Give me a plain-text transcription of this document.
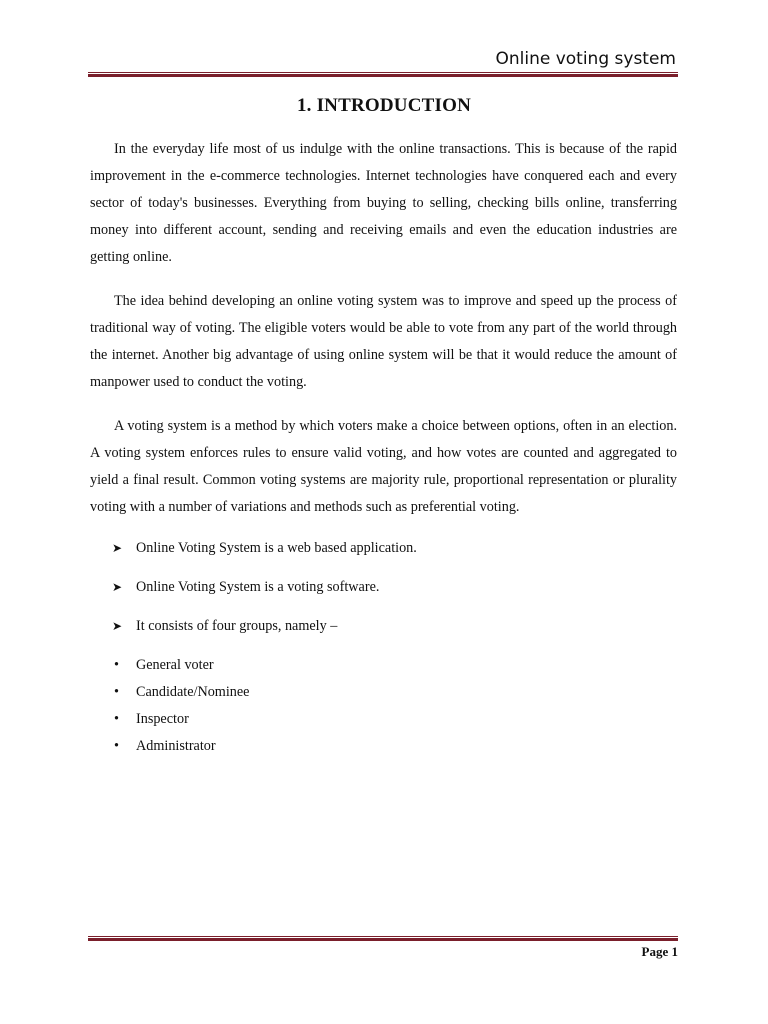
Online voting system
1. INTRODUCTION

In the everyday life most of us indulge with the online transactions. This is because of the rapid improvement in the e-commerce technologies. Internet technologies have conquered each and every sector of today's businesses. Everything from buying to selling, checking bills online, transferring money into different account, sending and receiving emails and even the education industries are getting online.

The idea behind developing an online voting system was to improve and speed up the process of traditional way of voting. The eligible voters would be able to vote from any part of the world through the internet. Another big advantage of using online system will be that it would reduce the amount of manpower used to conduct the voting.

A voting system is a method by which voters make a choice between options, often in an election. A voting system enforces rules to ensure valid voting, and how votes are counted and aggregated to yield a final result. Common voting systems are majority rule, proportional representation or plurality voting with a number of variations and methods such as preferential voting.

➤ Online Voting System is a web based application.
➤ Online Voting System is a voting software.
➤ It consists of four groups, namely –
• General voter
• Candidate/Nominee
• Inspector
• Administrator
Page 1
